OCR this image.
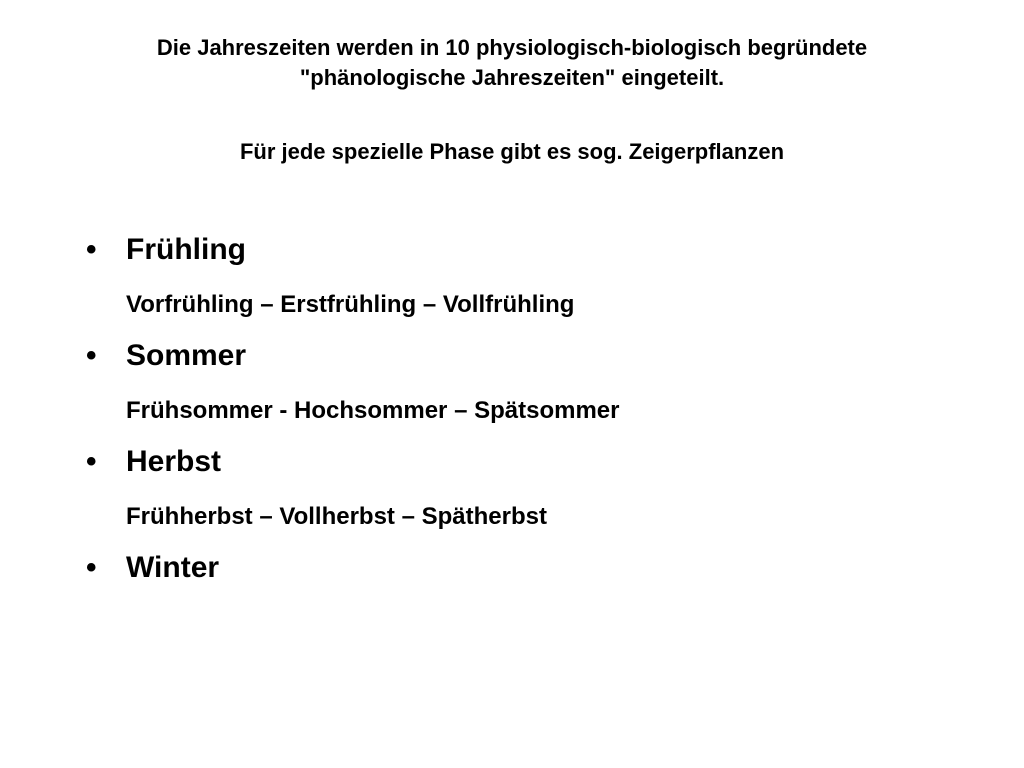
Die Jahreszeiten werden in 10 physiologisch-biologisch begründete
"phänologische Jahreszeiten" eingeteilt.
Für jede spezielle Phase gibt es sog. Zeigerpflanzen
• Frühling
Vorfrühling – Erstfrühling – Vollfrühling
• Sommer
Frühsommer - Hochsommer – Spätsommer
• Herbst
Frühherbst – Vollherbst – Spätherbst
• Winter
